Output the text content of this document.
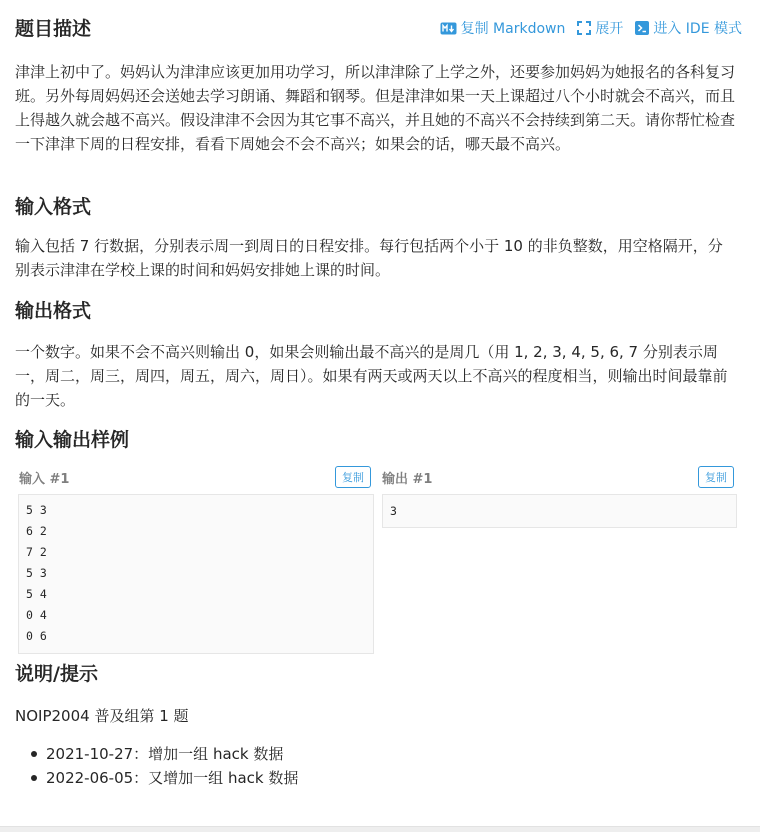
题目描述	复制 Markdown 展开 进入 IDE 模式

津津上初中了。妈妈认为津津应该更加用功学习，所以津津除了上学之外，还要参加妈妈为她报名的各科复习班。另外每周妈妈还会送她去学习朗诵、舞蹈和钢琴。但是津津如果一天上课超过八个小时就会不高兴，而且上得越久就会越不高兴。假设津津不会因为其它事不高兴，并且她的不高兴不会持续到第二天。请你帮忙检查一下津津下周的日程安排，看看下周她会不会不高兴；如果会的话，哪天最不高兴。

输入格式

输入包括 7 行数据，分别表示周一到周日的日程安排。每行包括两个小于 10 的非负整数，用空格隔开，分别表示津津在学校上课的时间和妈妈安排她上课的时间。

输出格式

一个数字。如果不会不高兴则输出 0，如果会则输出最不高兴的是周几（用 1, 2, 3, 4, 5, 6, 7 分别表示周一，周二，周三，周四，周五，周六，周日）。如果有两天或两天以上不高兴的程度相当，则输出时间最靠前的一天。

输入输出样例
输入 #1	复制
5 3
6 2
7 2
5 3
5 4
0 4
0 6
输出 #1	复制
3
说明/提示

NOIP2004 普及组第 1 题

2021-10-27：增加一组 hack 数据
2022-06-05：又增加一组 hack 数据
